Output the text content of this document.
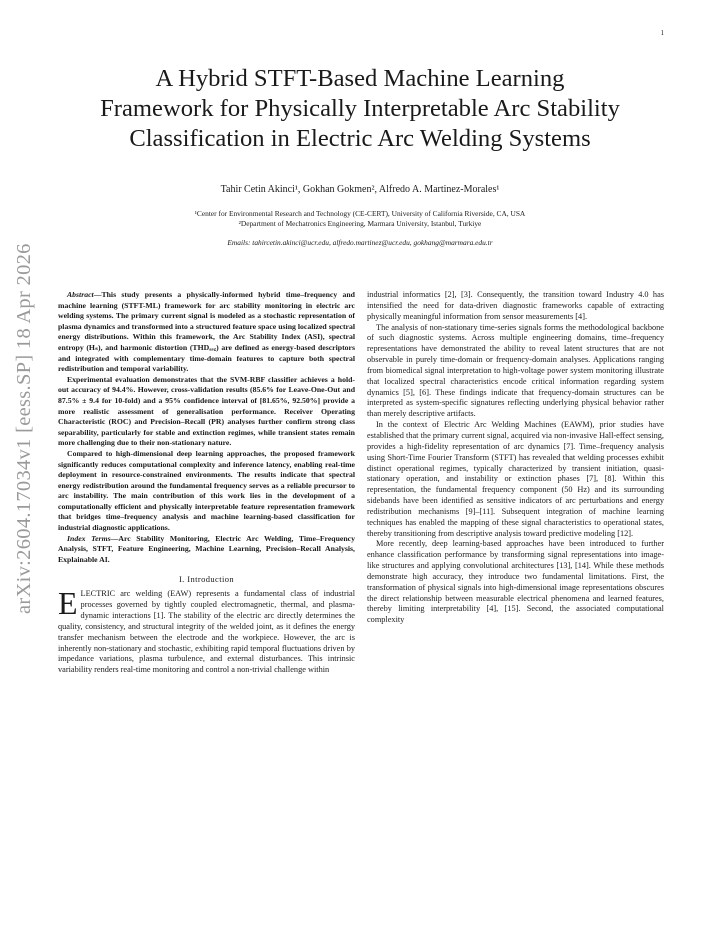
1
arXiv:2604.17034v1 [eess.SP] 18 Apr 2026
A Hybrid STFT-Based Machine Learning
Framework for Physically Interpretable Arc Stability
Classification in Electric Arc Welding Systems
Tahir Cetin Akinci¹, Gokhan Gokmen², Alfredo A. Martinez-Morales¹
¹Center for Environmental Research and Technology (CE-CERT), University of California Riverside, CA, USA
²Department of Mechatronics Engineering, Marmara University, Istanbul, Turkiye
Emails: tahircetin.akinci@ucr.edu, alfredo.martinez@ucr.edu, gokhang@marmara.edu.tr

Abstract—This study presents a physically-informed hybrid time–frequency and machine learning (STFT-ML) framework for arc stability monitoring in electric arc welding systems. The primary current signal is modeled as a stochastic representation of plasma dynamics and transformed into a structured feature space using localized spectral energy distributions. Within this framework, the Arc Stability Index (ASI), spectral entropy (Hₛ), and harmonic distortion (THDₐᵣ꜀) are defined as energy-based descriptors and integrated with complementary time-domain features to capture both spectral redistribution and temporal variability.

Experimental evaluation demonstrates that the SVM-RBF classifier achieves a hold-out accuracy of 94.4%. However, cross-validation results (85.6% for Leave-One-Out and 87.5% ± 9.4 for 10-fold) and a 95% confidence interval of [81.65%, 92.50%] provide a more realistic assessment of generalisation performance. Receiver Operating Characteristic (ROC) and Precision–Recall (PR) analyses further confirm strong class separability, particularly for stable and extinction regimes, while transient states remain more challenging due to their non-stationary nature.

Compared to high-dimensional deep learning approaches, the proposed framework significantly reduces computational complexity and inference latency, enabling real-time deployment in resource-constrained environments. The results indicate that spectral energy redistribution around the fundamental frequency serves as a reliable precursor to arc instability. The main contribution of this work lies in the development of a computationally efficient and physically interpretable feature representation framework that bridges time–frequency analysis and machine learning-based classification for industrial diagnostic applications.

Index Terms—Arc Stability Monitoring, Electric Arc Welding, Time–Frequency Analysis, STFT, Feature Engineering, Machine Learning, Precision–Recall Analysis, Explainable AI.

I. Introduction

ELECTRIC arc welding (EAW) represents a fundamental class of industrial processes governed by tightly coupled electromagnetic, thermal, and plasma-dynamic interactions [1]. The stability of the electric arc directly determines the quality, consistency, and structural integrity of the welded joint, as it defines the energy transfer mechanism between the electrode and the workpiece. However, the arc is inherently non-stationary and stochastic, exhibiting rapid temporal fluctuations driven by impedance variations, plasma turbulence, and external disturbances. This intrinsic variability renders real-time monitoring and control a non-trivial challenge within

industrial informatics [2], [3]. Consequently, the transition toward Industry 4.0 has intensified the need for data-driven diagnostic frameworks capable of extracting physically meaningful information from sensor measurements [4].

The analysis of non-stationary time-series signals forms the methodological backbone of such diagnostic systems. Across multiple engineering domains, time–frequency representations have demonstrated the ability to reveal latent structures that are not observable in purely time-domain or frequency-domain analyses. Applications ranging from biomedical signal interpretation to high-voltage power system monitoring illustrate that localized spectral characteristics encode critical information regarding system dynamics [5], [6]. These findings indicate that frequency-domain structures can be interpreted as system-specific signatures reflecting underlying physical behavior rather than merely descriptive artifacts.

In the context of Electric Arc Welding Machines (EAWM), prior studies have established that the primary current signal, acquired via non-invasive Hall-effect sensing, provides a high-fidelity representation of arc dynamics [7]. Time–frequency analysis using Short-Time Fourier Transform (STFT) has revealed that welding processes exhibit distinct operational regimes, typically characterized by transient initiation, quasi-stationary operation, and instability or extinction phases [7], [8]. Within this representation, the fundamental frequency component (50 Hz) and its surrounding sidebands have been identified as sensitive indicators of arc perturbations and energy redistribution mechanisms [9]–[11]. Subsequent integration of machine learning techniques has enabled the mapping of these signal characteristics to operational states, thereby transitioning from descriptive analysis toward predictive modeling [12].

More recently, deep learning-based approaches have been introduced to further enhance classification performance by transforming signal representations into image-like structures and applying convolutional architectures [13], [14]. While these methods demonstrate high accuracy, they introduce two fundamental limitations. First, the transformation of physical signals into high-dimensional image representations obscures the direct relationship between measurable electrical phenomena and learned features, thereby limiting interpretability [4], [15]. Second, the associated computational complexity
